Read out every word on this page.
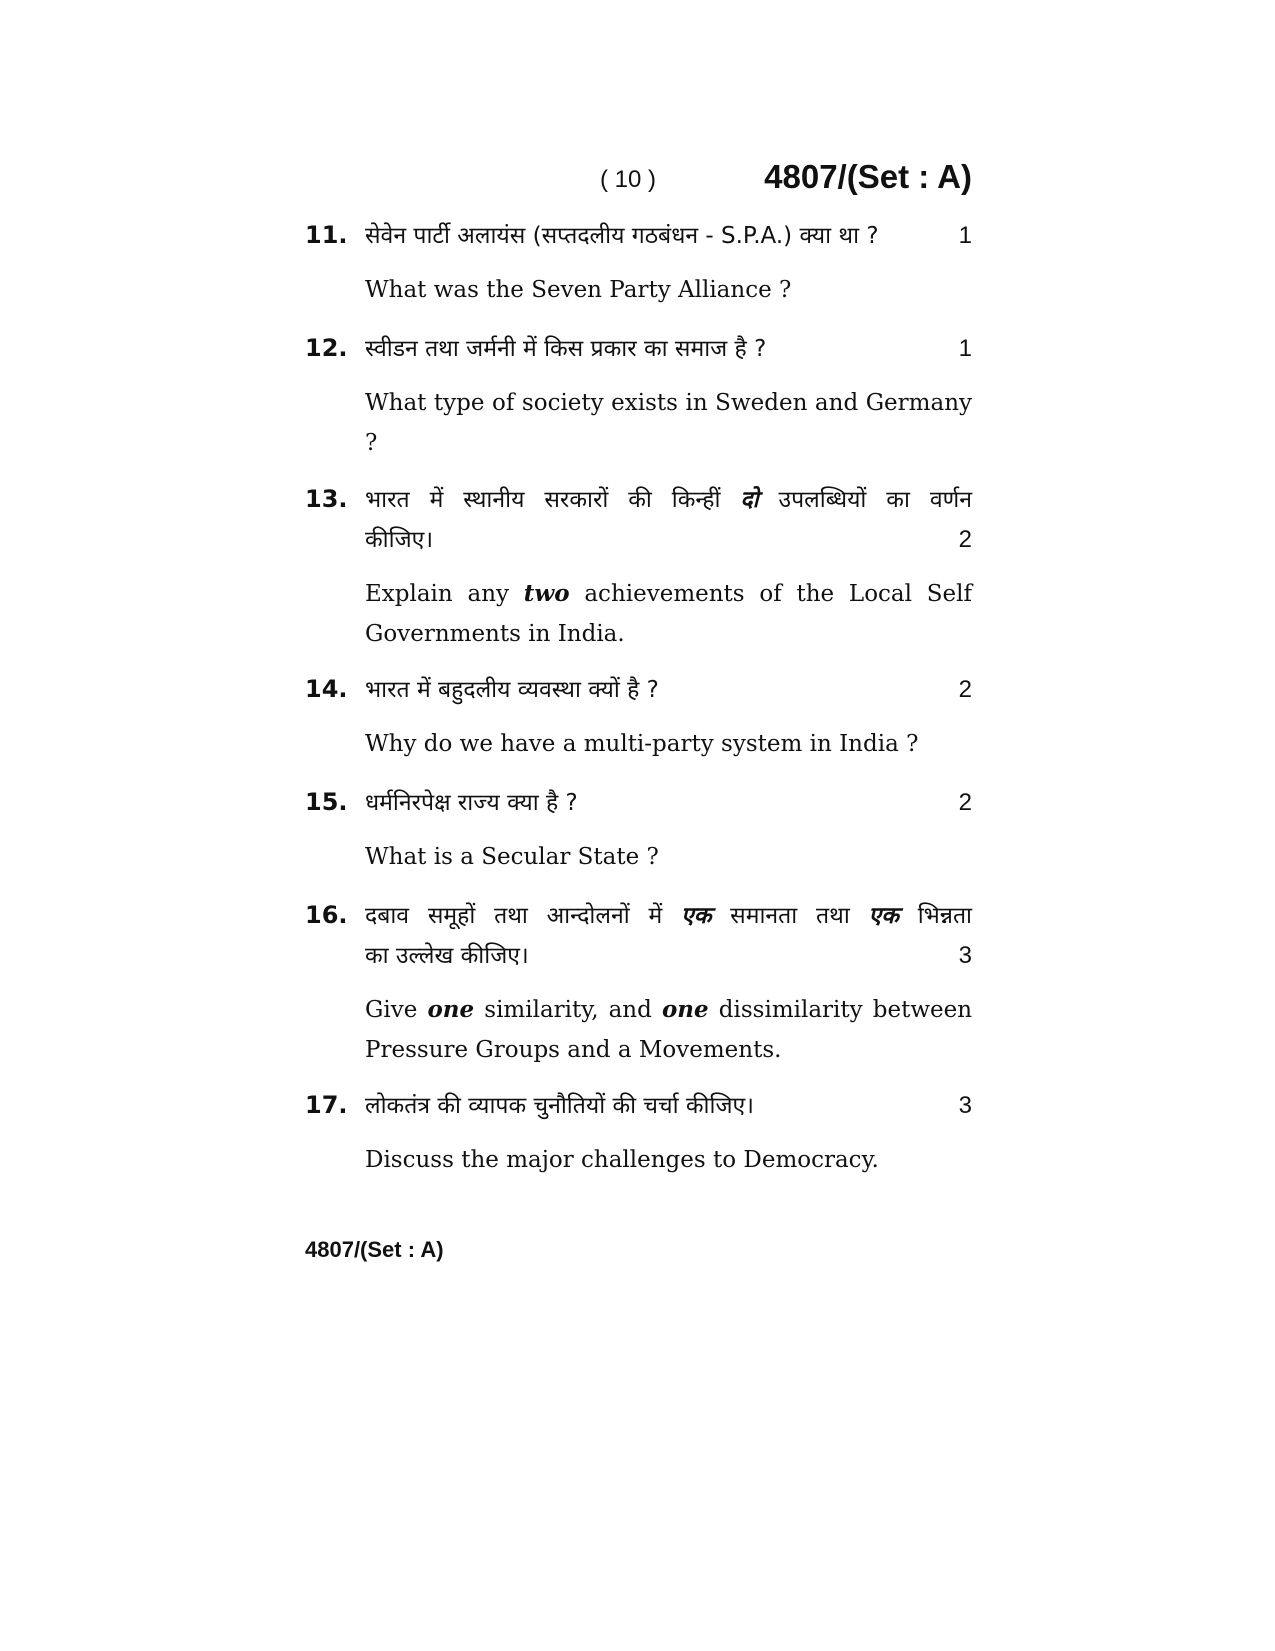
( 10 )	4807/(Set : A)
11. सेवेन पार्टी अलायंस (सप्तदलीय गठबंधन - S.P.A.) क्या था ?	1
What was the Seven Party Alliance ?
12. स्वीडन तथा जर्मनी में किस प्रकार का समाज है ?	1
What type of society exists in Sweden and Germany ?
13. भारत में स्थानीय सरकारों की किन्हीं दो उपलब्धियों का वर्णन
कीजिए।	2
Explain any two achievements of the Local Self Governments in India.
14. भारत में बहुदलीय व्यवस्था क्यों है ?	2
Why do we have a multi-party system in India ?
15. धर्मनिरपेक्ष राज्य क्या है ?	2
What is a Secular State ?
16. दबाव समूहों तथा आन्दोलनों में एक समानता तथा एक भिन्नता
का उल्लेख कीजिए।	3
Give one similarity, and one dissimilarity between Pressure Groups and a Movements.
17. लोकतंत्र की व्यापक चुनौतियों की चर्चा कीजिए।	3
Discuss the major challenges to Democracy.
4807/(Set : A)
